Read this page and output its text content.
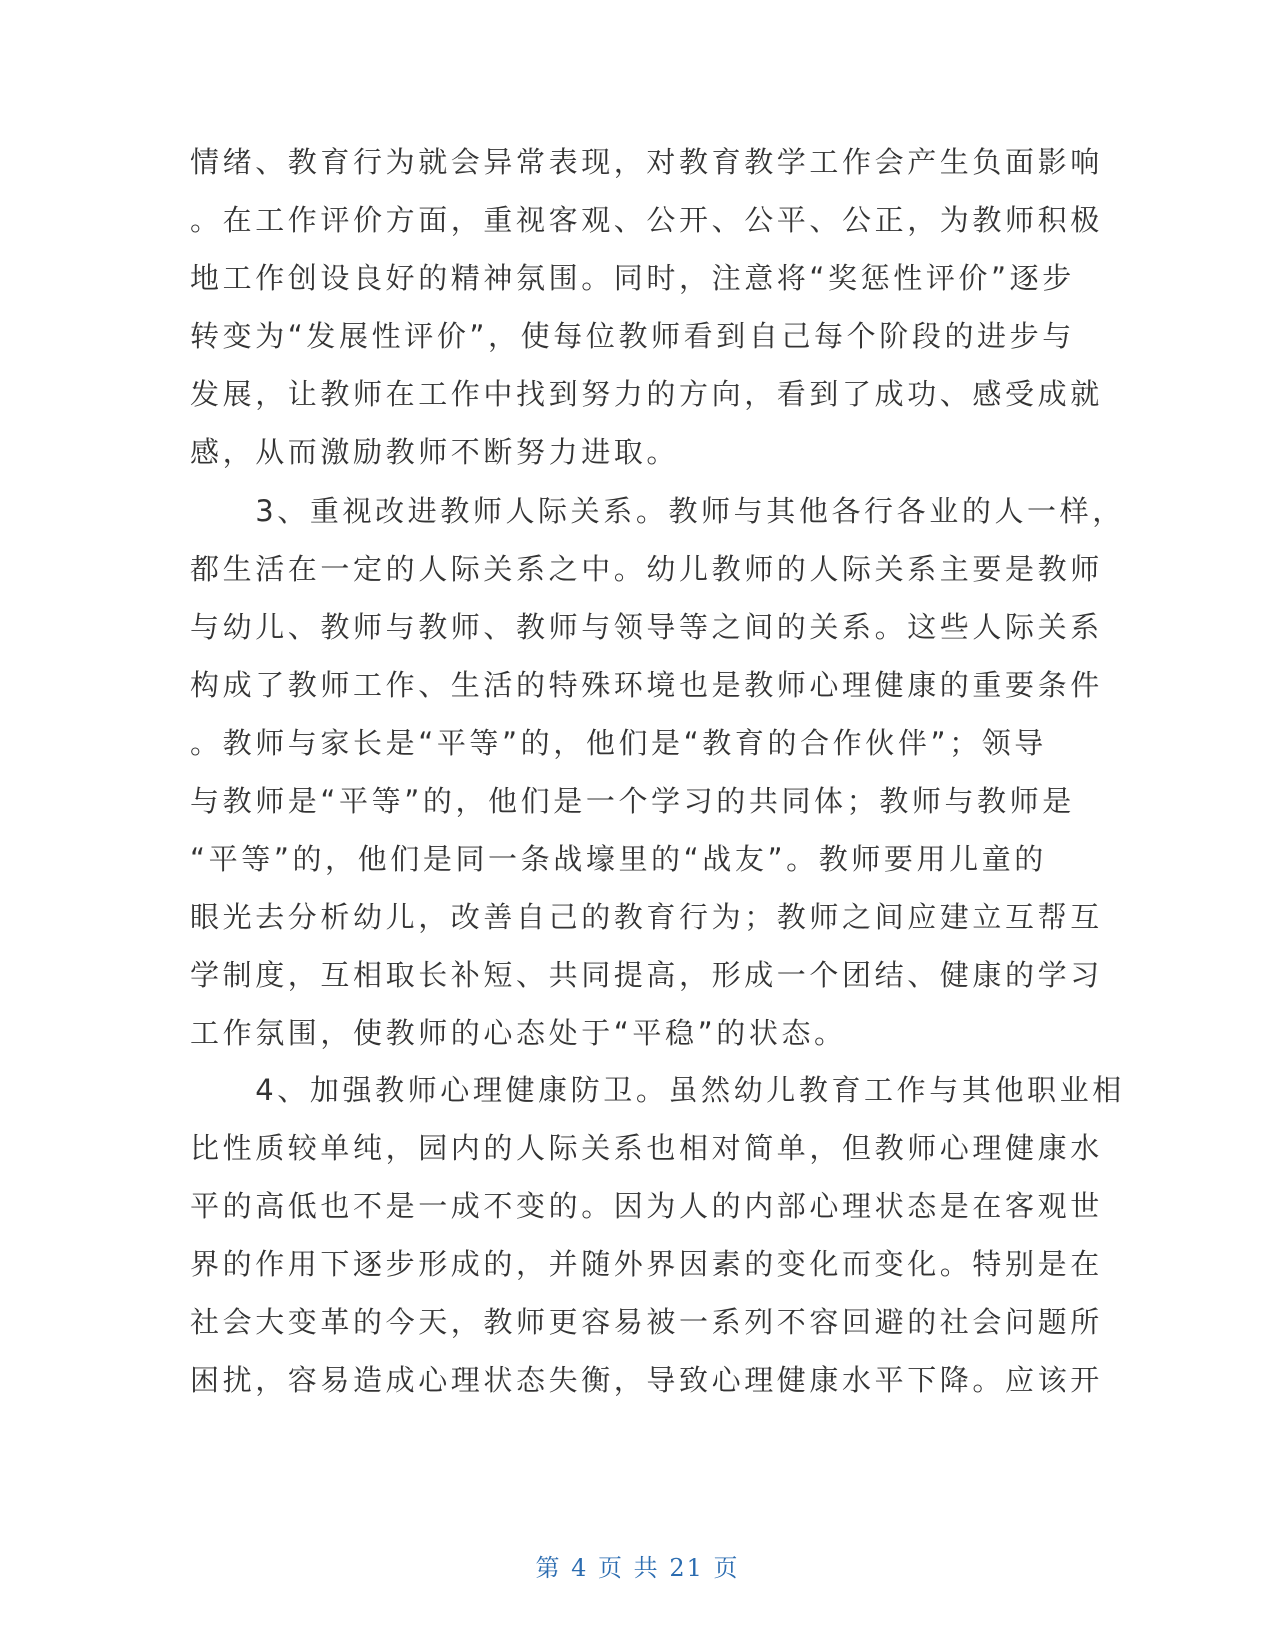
情绪、教育行为就会异常表现，对教育教学工作会产生负面影响
。在工作评价方面，重视客观、公开、公平、公正，为教师积极
地工作创设良好的精神氛围。同时，注意将“奖惩性评价”逐步
转变为“发展性评价”，使每位教师看到自己每个阶段的进步与
发展，让教师在工作中找到努力的方向，看到了成功、感受成就
感，从而激励教师不断努力进取。
　　3、重视改进教师人际关系。教师与其他各行各业的人一样，
都生活在一定的人际关系之中。幼儿教师的人际关系主要是教师
与幼儿、教师与教师、教师与领导等之间的关系。这些人际关系
构成了教师工作、生活的特殊环境也是教师心理健康的重要条件
。教师与家长是“平等”的，他们是“教育的合作伙伴”；领导
与教师是“平等”的，他们是一个学习的共同体；教师与教师是
“平等”的，他们是同一条战壕里的“战友”。教师要用儿童的
眼光去分析幼儿，改善自己的教育行为；教师之间应建立互帮互
学制度，互相取长补短、共同提高，形成一个团结、健康的学习
工作氛围，使教师的心态处于“平稳”的状态。
　　4、加强教师心理健康防卫。虽然幼儿教育工作与其他职业相
比性质较单纯，园内的人际关系也相对简单，但教师心理健康水
平的高低也不是一成不变的。因为人的内部心理状态是在客观世
界的作用下逐步形成的，并随外界因素的变化而变化。特别是在
社会大变革的今天，教师更容易被一系列不容回避的社会问题所
困扰，容易造成心理状态失衡，导致心理健康水平下降。应该开
第 4 页 共 21 页
